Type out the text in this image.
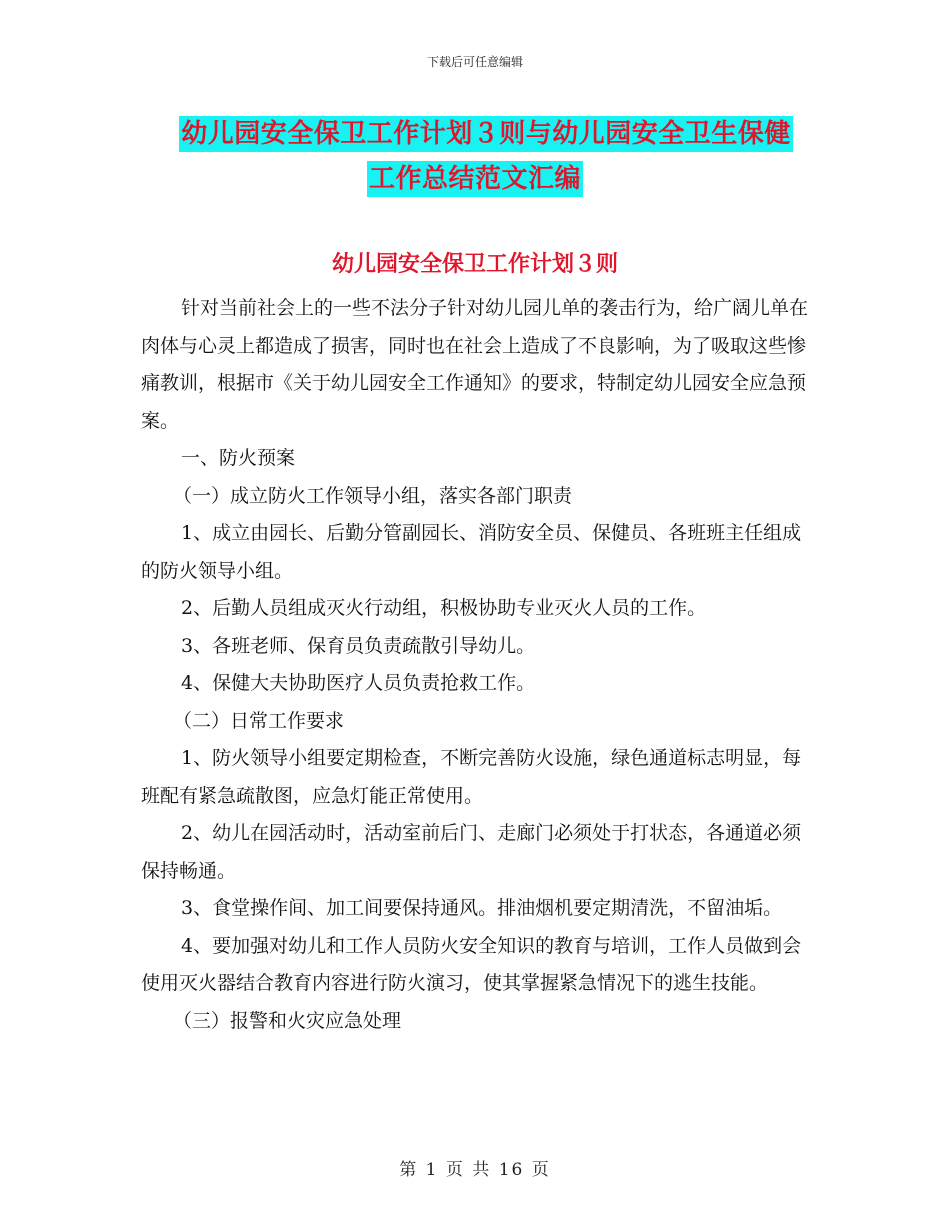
下载后可任意编辑
幼儿园安全保卫工作计划３则与幼儿园安全卫生保健
工作总结范文汇编
幼儿园安全保卫工作计划３则

针对当前社会上的一些不法分子针对幼儿园儿单的袭击行为，给广阔儿单在肉体与心灵上都造成了损害，同时也在社会上造成了不良影响，为了吸取这些惨痛教训，根据市《关于幼儿园安全工作通知》的要求，特制定幼儿园安全应急预案。

一、防火预案

（一）成立防火工作领导小组，落实各部门职责

1、成立由园长、后勤分管副园长、消防安全员、保健员、各班班主任组成的防火领导小组。

2、后勤人员组成灭火行动组，积极协助专业灭火人员的工作。

3、各班老师、保育员负责疏散引导幼儿。

4、保健大夫协助医疗人员负责抢救工作。

（二）日常工作要求

1、防火领导小组要定期检查，不断完善防火设施，绿色通道标志明显，每班配有紧急疏散图，应急灯能正常使用。

2、幼儿在园活动时，活动室前后门、走廊门必须处于打状态，各通道必须保持畅通。

3、食堂操作间、加工间要保持通风。排油烟机要定期清洗，不留油垢。

4、要加强对幼儿和工作人员防火安全知识的教育与培训，工作人员做到会使用灭火器结合教育内容进行防火演习，使其掌握紧急情况下的逃生技能。

（三）报警和火灾应急处理

第 1 页 共 16 页
